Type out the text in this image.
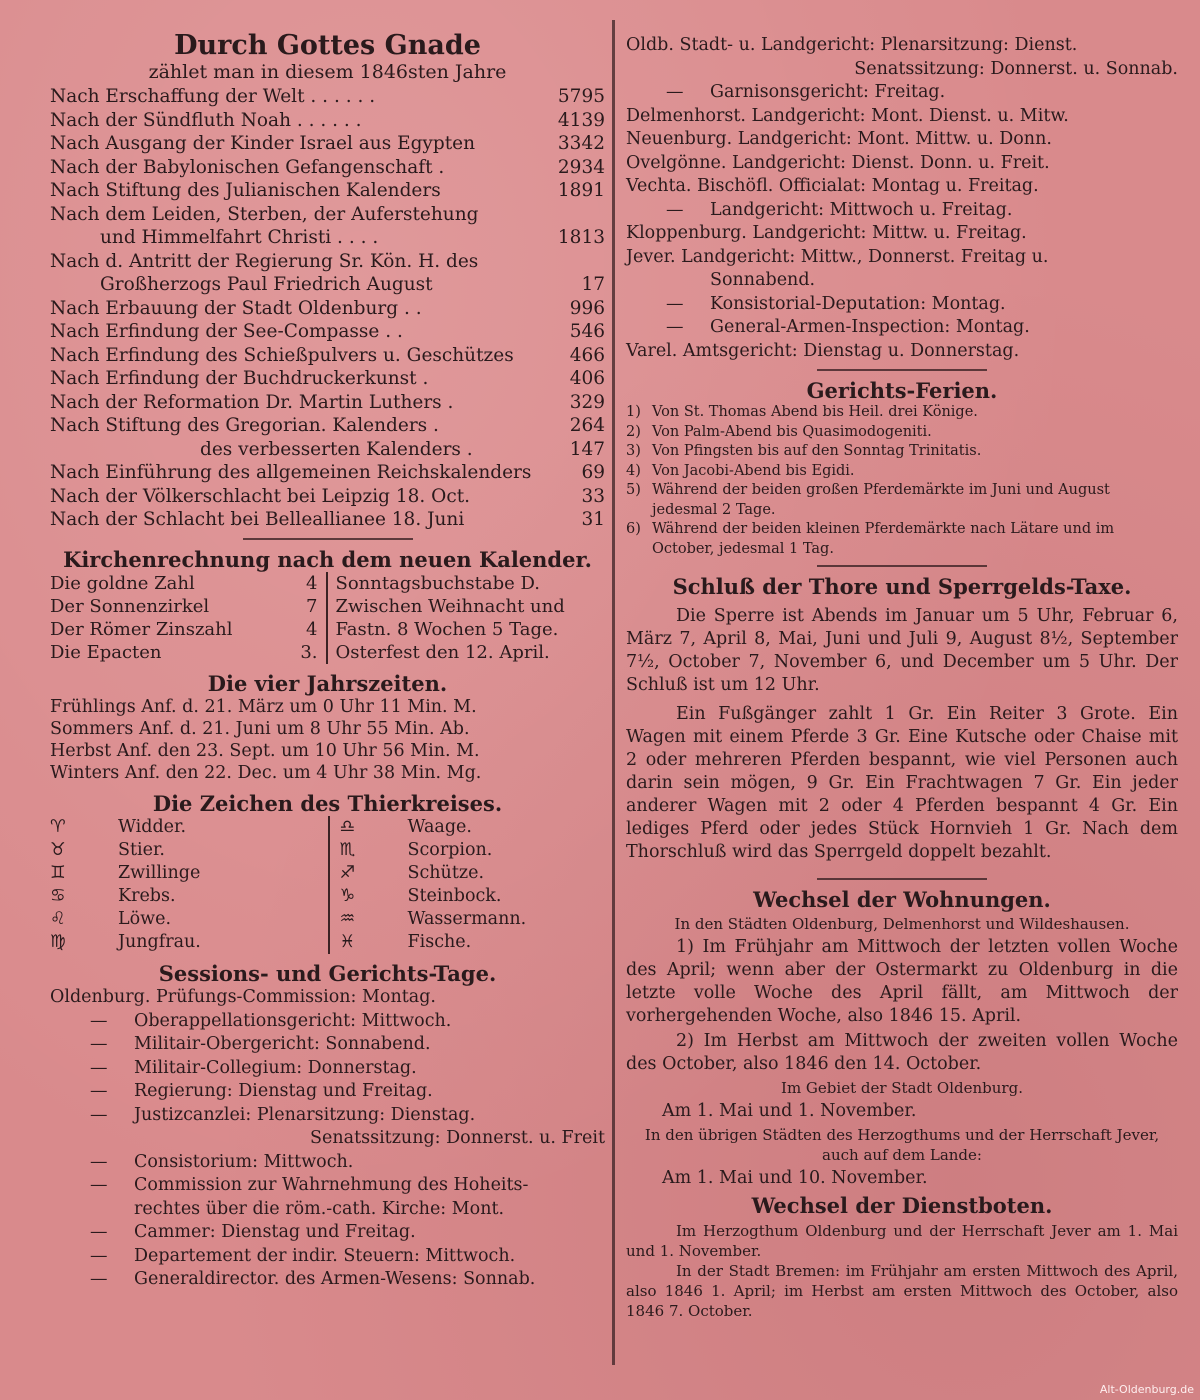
Durch Gottes Gnade

zählet man in diesem 1846sten Jahre

Nach Erschaffung der Welt . . . . . .	5795
Nach der Sündfluth Noah . . . . . .	4139
Nach Ausgang der Kinder Israel aus Egypten	3342
Nach der Babylonischen Gefangenschaft .	2934
Nach Stiftung des Julianischen Kalenders	1891
Nach dem Leiden, Sterben, der Auferstehung
und Himmelfahrt Christi . . . .	1813
Nach d. Antritt der Regierung Sr. Kön. H. des
Großherzogs Paul Friedrich August	17
Nach Erbauung der Stadt Oldenburg . .	996
Nach Erfindung der See-Compasse . .	546
Nach Erfindung des Schießpulvers u. Geschützes	466
Nach Erfindung der Buchdruckerkunst .	406
Nach der Reformation Dr. Martin Luthers .	329
Nach Stiftung des Gregorian. Kalenders .	264
des verbesserten Kalenders .	147
Nach Einführung des allgemeinen Reichskalenders	69
Nach der Völkerschlacht bei Leipzig 18. Oct.	33
Nach der Schlacht bei Belleallianee 18. Juni	31
Kirchenrechnung nach dem neuen Kalender.
Die goldne Zahl	4	Sonntagsbuchstabe D.
Der Sonnenzirkel	7	Zwischen Weihnacht und
Der Römer Zinszahl	4	Fastn. 8 Wochen 5 Tage.
Die Epacten	3.	Osterfest den 12. April.
Die vier Jahrszeiten.
Frühlings Anf. d. 21. März um 0 Uhr 11 Min. M.
Sommers Anf. d. 21. Juni um 8 Uhr 55 Min. Ab.
Herbst Anf. den 23. Sept. um 10 Uhr 56 Min. M.
Winters Anf. den 22. Dec. um 4 Uhr 38 Min. Mg.
Die Zeichen des Thierkreises.
♈	Widder.	♎	Waage.
♉	Stier.	♏	Scorpion.
♊	Zwillinge	♐	Schütze.
♋	Krebs.	♑	Steinbock.
♌	Löwe.	♒	Wassermann.
♍	Jungfrau.	♓	Fische.
Sessions- und Gerichts-Tage.
Oldenburg. Prüfungs-Commission: Montag.
— Oberappellationsgericht: Mittwoch.
— Militair-Obergericht: Sonnabend.
— Militair-Collegium: Donnerstag.
— Regierung: Dienstag und Freitag.
— Justizcanzlei: Plenarsitzung: Dienstag.
Senatssitzung: Donnerst. u. Freit
— Consistorium: Mittwoch.
— Commission zur Wahrnehmung des Hoheits-
rechtes über die röm.-cath. Kirche: Mont.
— Cammer: Dienstag und Freitag.
— Departement der indir. Steuern: Mittwoch.
— Generaldirector. des Armen-Wesens: Sonnab.
Oldb. Stadt- u. Landgericht: Plenarsitzung: Dienst.
Senatssitzung: Donnerst. u. Sonnab.
— Garnisonsgericht: Freitag.
Delmenhorst. Landgericht: Mont. Dienst. u. Mitw.
Neuenburg. Landgericht: Mont. Mittw. u. Donn.
Ovelgönne. Landgericht: Dienst. Donn. u. Freit.
Vechta. Bischöfl. Officialat: Montag u. Freitag.
— Landgericht: Mittwoch u. Freitag.
Kloppenburg. Landgericht: Mittw. u. Freitag.
Jever. Landgericht: Mittw., Donnerst. Freitag u.
Sonnabend.
— Konsistorial-Deputation: Montag.
— General-Armen-Inspection: Montag.
Varel. Amtsgericht: Dienstag u. Donnerstag.
Gerichts-Ferien.
1) Von St. Thomas Abend bis Heil. drei Könige.
2) Von Palm-Abend bis Quasimodogeniti.
3) Von Pfingsten bis auf den Sonntag Trinitatis.
4) Von Jacobi-Abend bis Egidi.
5) Während der beiden großen Pferdemärkte im Juni und August jedesmal 2 Tage.
6) Während der beiden kleinen Pferdemärkte nach Lätare und im October, jedesmal 1 Tag.
Schluß der Thore und Sperrgelds-Taxe.

Die Sperre ist Abends im Januar um 5 Uhr, Februar 6, März 7, April 8, Mai, Juni und Juli 9, August 8½, September 7½, October 7, November 6, und December um 5 Uhr. Der Schluß ist um 12 Uhr.

Ein Fußgänger zahlt 1 Gr. Ein Reiter 3 Grote. Ein Wagen mit einem Pferde 3 Gr. Eine Kutsche oder Chaise mit 2 oder mehreren Pferden bespannt, wie viel Personen auch darin sein mögen, 9 Gr. Ein Frachtwagen 7 Gr. Ein jeder anderer Wagen mit 2 oder 4 Pferden bespannt 4 Gr. Ein lediges Pferd oder jedes Stück Hornvieh 1 Gr. Nach dem Thorschluß wird das Sperrgeld doppelt bezahlt.

Wechsel der Wohnungen.

In den Städten Oldenburg, Delmenhorst und Wildeshausen.

1) Im Frühjahr am Mittwoch der letzten vollen Woche des April; wenn aber der Ostermarkt zu Oldenburg in die letzte volle Woche des April fällt, am Mittwoch der vorhergehenden Woche, also 1846 15. April.

2) Im Herbst am Mittwoch der zweiten vollen Woche des October, also 1846 den 14. October.

Im Gebiet der Stadt Oldenburg.

Am 1. Mai und 1. November.

In den übrigen Städten des Herzogthums und der Herrschaft Jever, auch auf dem Lande:

Am 1. Mai und 10. November.

Wechsel der Dienstboten.

Im Herzogthum Oldenburg und der Herrschaft Jever am 1. Mai und 1. November.

In der Stadt Bremen: im Frühjahr am ersten Mittwoch des April, also 1846 1. April; im Herbst am ersten Mittwoch des October, also 1846 7. October.

Alt-Oldenburg.de
